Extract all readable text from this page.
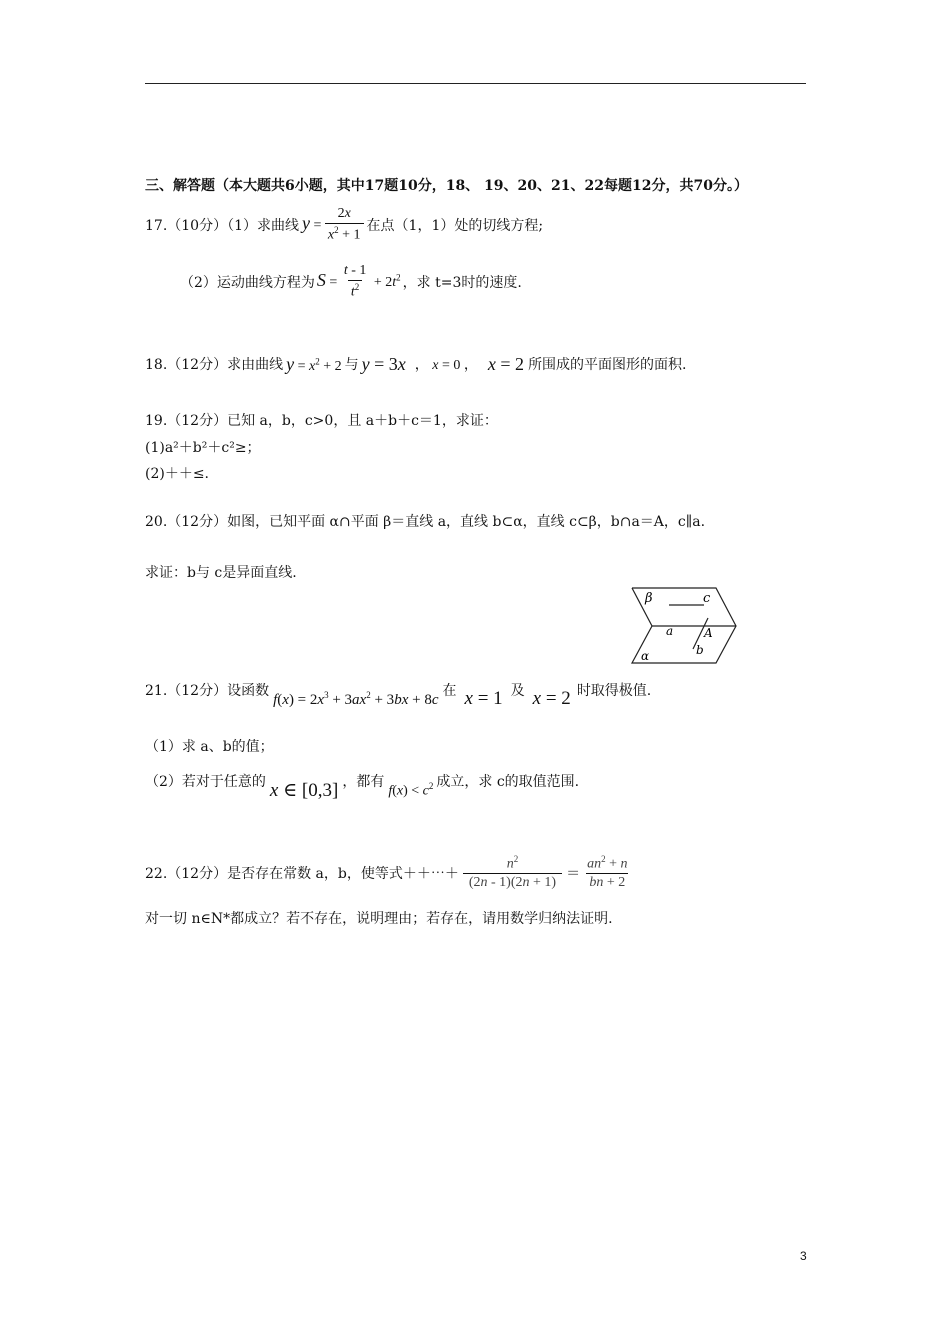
三、解答题（本大题共6小题，其中17题10分，18、 19、20、21、22每题12分，共70分。）
17.（10分）（1）求曲线 $y = \frac{2x}{x^2 + 1}$ 在点（1，1）处的切线方程;
（2）运动曲线方程为 $S = \frac{t - 1}{t^2} + 2t^2$ ，求 t=3时的速度.
18.（12分）求由曲线 $y = x^2 + 2$ 与 y = 3x ， x = 0 ， x = 2 所围成的平面图形的面积.
19.（12分）已知 a，b，c>0，且 a＋b＋c＝1，求证：
(1)a²＋b²＋c²≥；
(2)＋＋≤.
20.（12分）如图，已知平面 α∩平面 β＝直线 a，直线 b⊂α，直线 c⊂β，b∩a＝A，c∥a.
求证：b与 c是异面直线.
β	c
a	A
b
α
21.（12分）设函数
$f(x) = 2x^3 + 3ax^2 + 3bx + 8c$
在 x = 1 及 x = 2 时取得极值.
（1）求 a、b的值；
（2）若对于任意的 x ∈ [0,3] ，都有
$f(x) < c^2$ 成立，求 c的取值范围.
22.（12分）是否存在常数 a，b，使等式＋＋⋯＋ $\frac{n^2}{(2n - 1)(2n + 1)} = \frac{an^2 + n}{bn + 2}$
对一切 n∈N*都成立？若不存在，说明理由；若存在，请用数学归纳法证明.
3
